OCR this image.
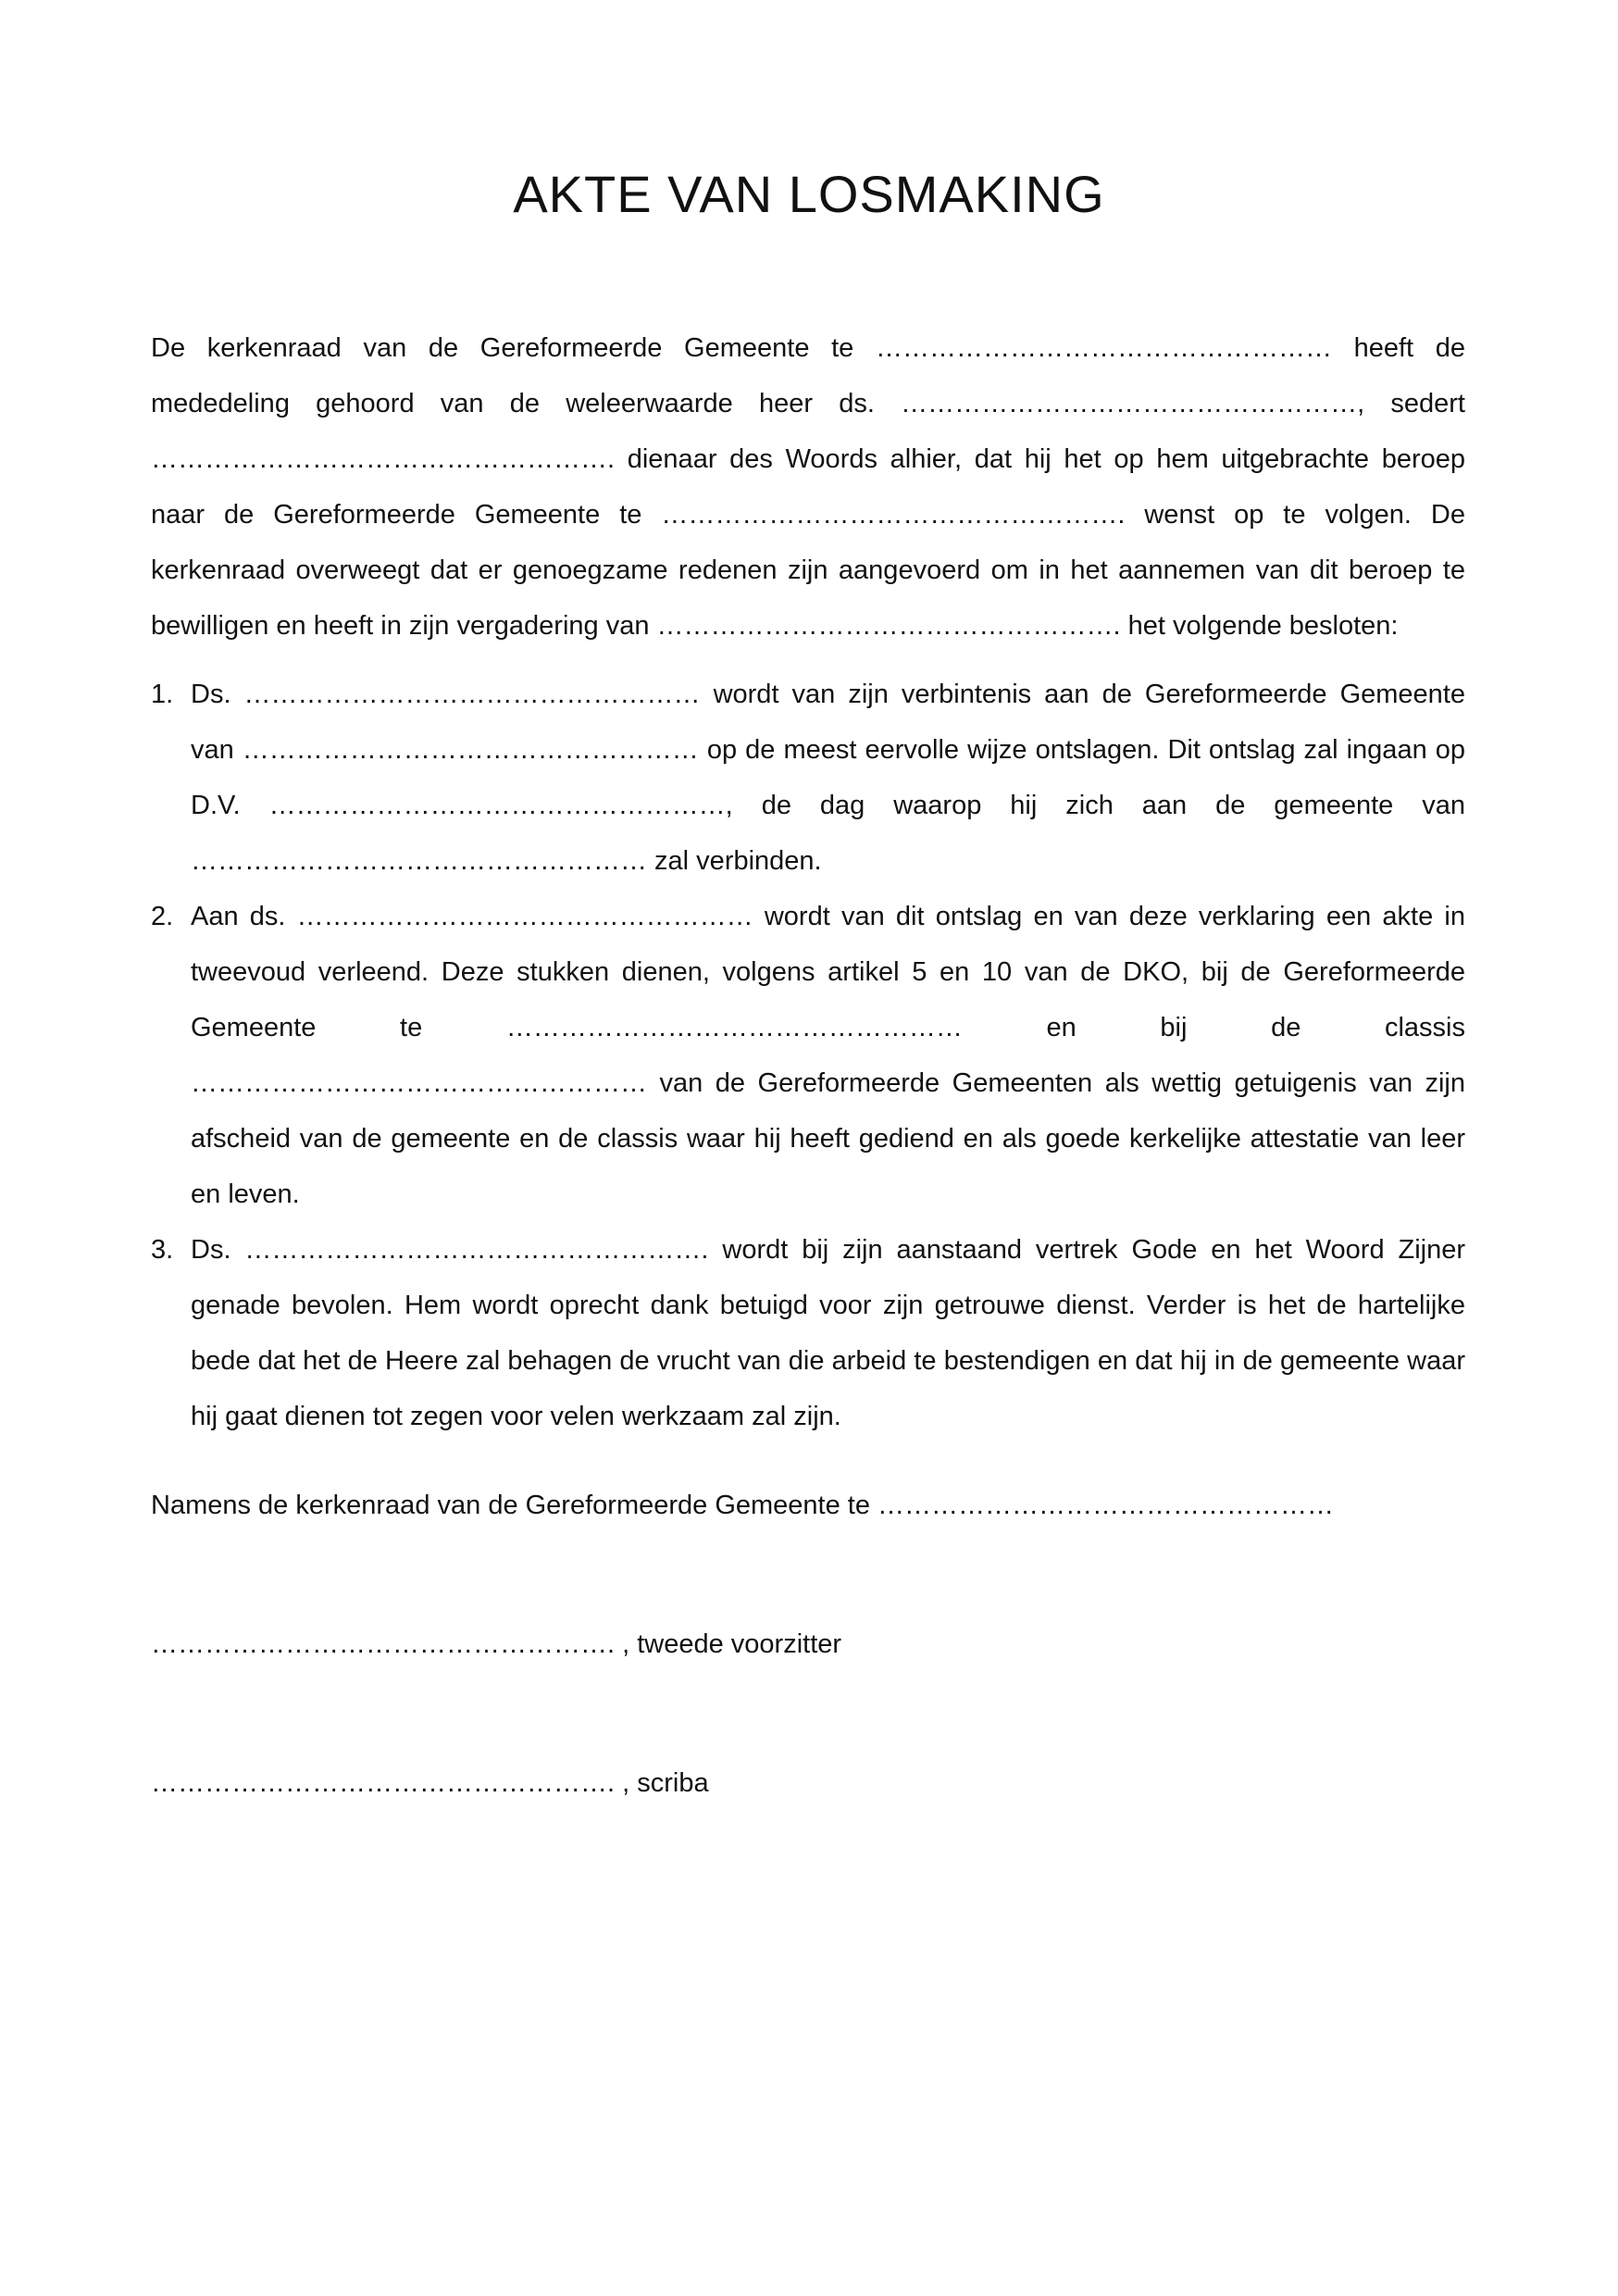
AKTE VAN LOSMAKING

De kerkenraad van de Gereformeerde Gemeente te …………………………………………… heeft de mededeling gehoord van de weleerwaarde heer ds. ……………………………………………, sedert ……………………………………………. dienaar des Woords alhier, dat hij het op hem uitgebrachte beroep naar de Gereformeerde Gemeente te ……………………………………………. wenst op te volgen. De kerkenraad overweegt dat er genoegzame redenen zijn aangevoerd om in het aannemen van dit beroep te bewilligen en heeft in zijn vergadering van ……………………………………………. het volgende besloten:

1. Ds. …………………………………………… wordt van zijn verbintenis aan de Gereformeerde Gemeente van …………………………………………… op de meest eervolle wijze ontslagen. Dit ontslag zal ingaan op D.V. ……………………………………………, de dag waarop hij zich aan de gemeente van …………………………………………… zal verbinden.
2. Aan ds. …………………………………………… wordt van dit ontslag en van deze verklaring een akte in tweevoud verleend. Deze stukken dienen, volgens artikel 5 en 10 van de DKO, bij de Gereformeerde Gemeente te …………………………………………… en bij de classis …………………………………………… van de Gereformeerde Gemeenten als wettig getuigenis van zijn afscheid van de gemeente en de classis waar hij heeft gediend en als goede kerkelijke attestatie van leer en leven.
3. Ds. ……………………………………………. wordt bij zijn aanstaand vertrek Gode en het Woord Zijner genade bevolen. Hem wordt oprecht dank betuigd voor zijn getrouwe dienst. Verder is het de hartelijke bede dat het de Heere zal behagen de vrucht van die arbeid te bestendigen en dat hij in de gemeente waar hij gaat dienen tot zegen voor velen werkzaam zal zijn.

Namens de kerkenraad van de Gereformeerde Gemeente te ……………………………………………

……………………………………………. , tweede voorzitter

……………………………………………. , scriba
